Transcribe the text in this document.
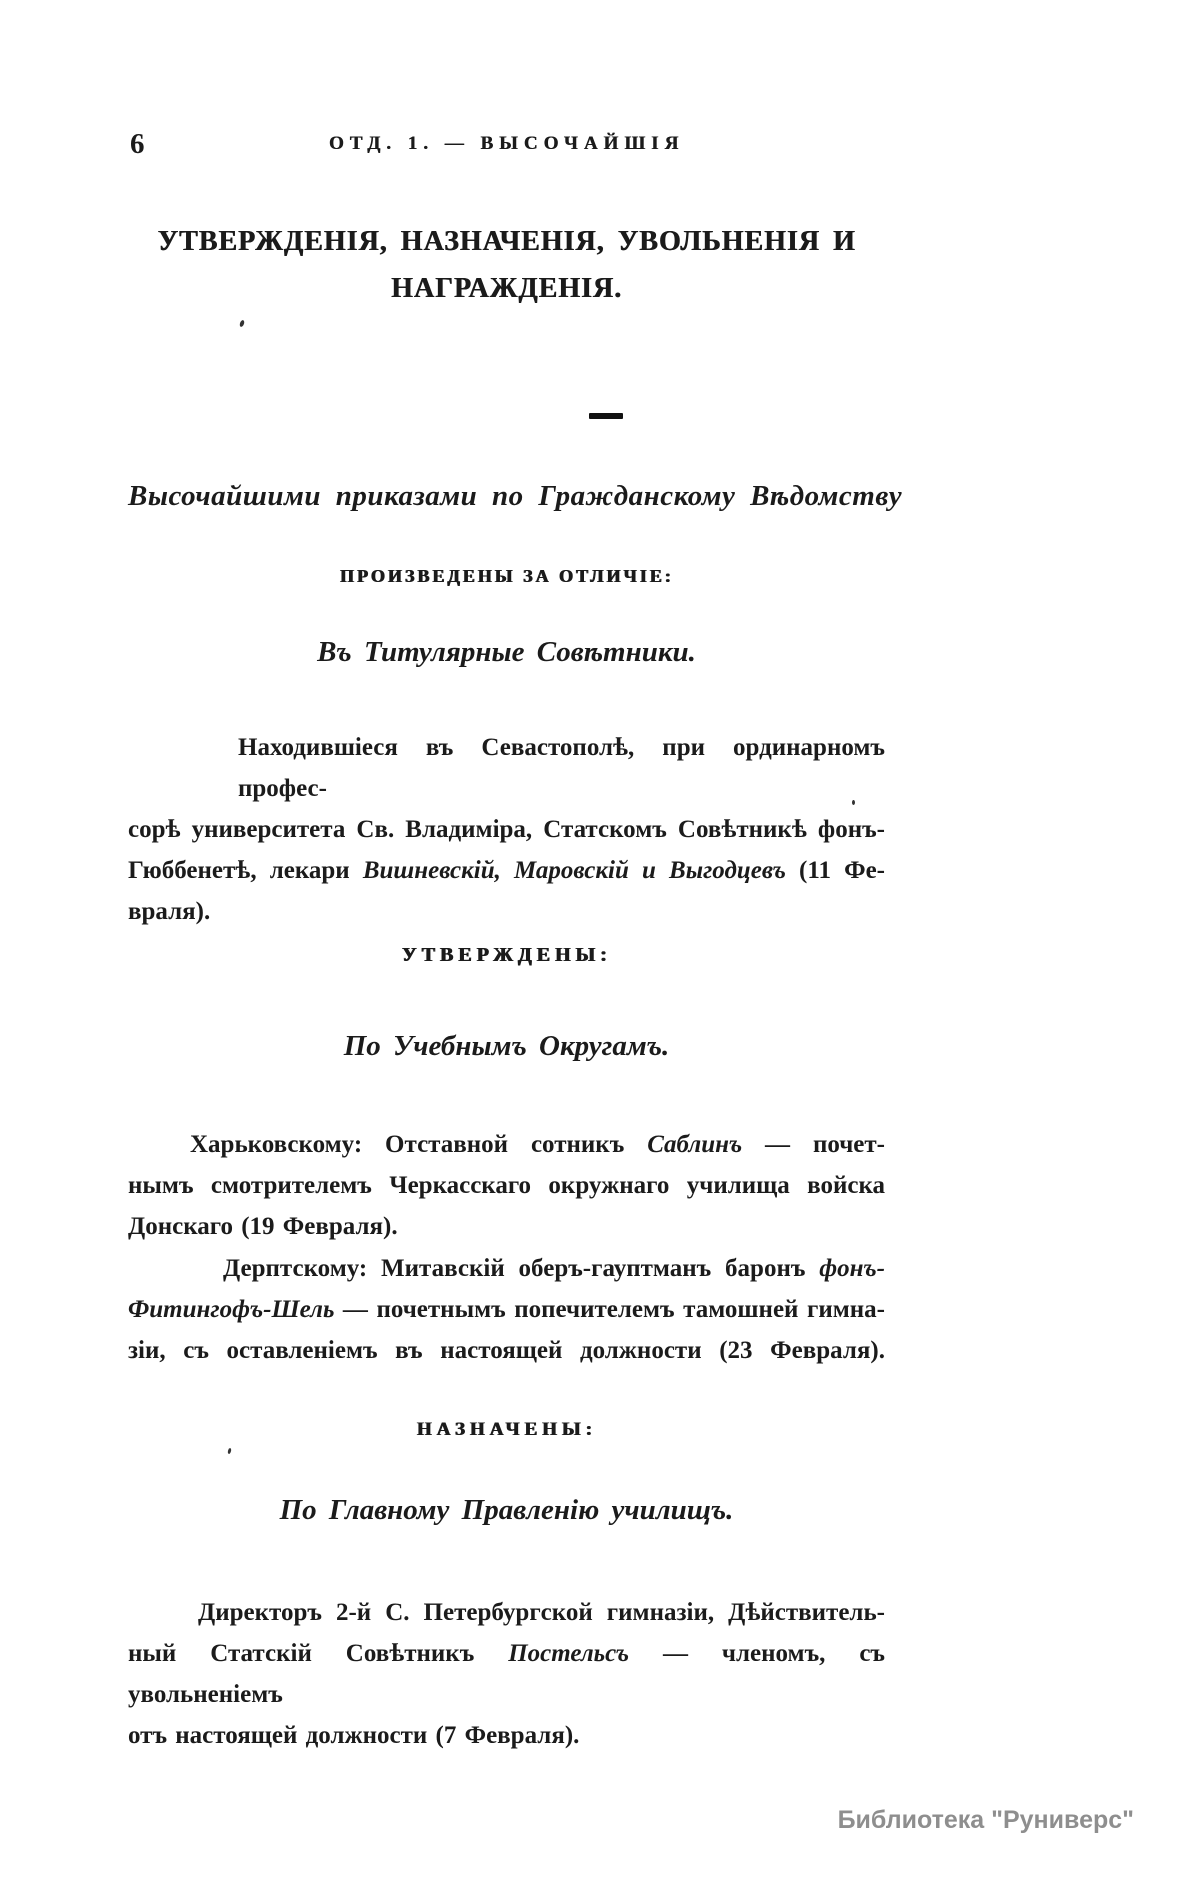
6	ОТД. 1. — ВЫСОЧАЙШІЯ
УТВЕРЖДЕНІЯ, НАЗНАЧЕНІЯ, УВОЛЬНЕНІЯ И
НАГРАЖДЕНІЯ.
Высочайшими приказами по Гражданскому Вѣдомству
ПРОИЗВЕДЕНЫ ЗА ОТЛИЧІЕ:
Въ Титулярные Совѣтники.
Находившіеся въ Севастополѣ, при ординарномъ профес-
сорѣ университета Св. Владиміра, Статскомъ Совѣтникѣ фонъ-
Гюббенетѣ, лекари Вишневскій, Маровскій и Выгодцевъ (11 Фе-
враля).
УТВЕРЖДЕНЫ:
По Учебнымъ Округамъ.
Харьковскому: Отставной сотникъ Саблинъ — почет-
нымъ смотрителемъ Черкасскаго окружнаго училища войска
Донскаго (19 Февраля).
Дерптскому: Митавскій оберъ-гауптманъ баронъ фонъ-
Фитингофъ-Шель — почетнымъ попечителемъ тамошней гимна-
зіи, съ оставленіемъ въ настоящей должности (23 Февраля).
НАЗНАЧЕНЫ:
По Главному Правленію училищъ.
Директоръ 2-й С. Петербургской гимназіи, Дѣйствитель-
ный Статскій Совѣтникъ Постельсъ — членомъ, съ увольненіемъ
отъ настоящей должности (7 Февраля).
Библиотека "Руниверс"
